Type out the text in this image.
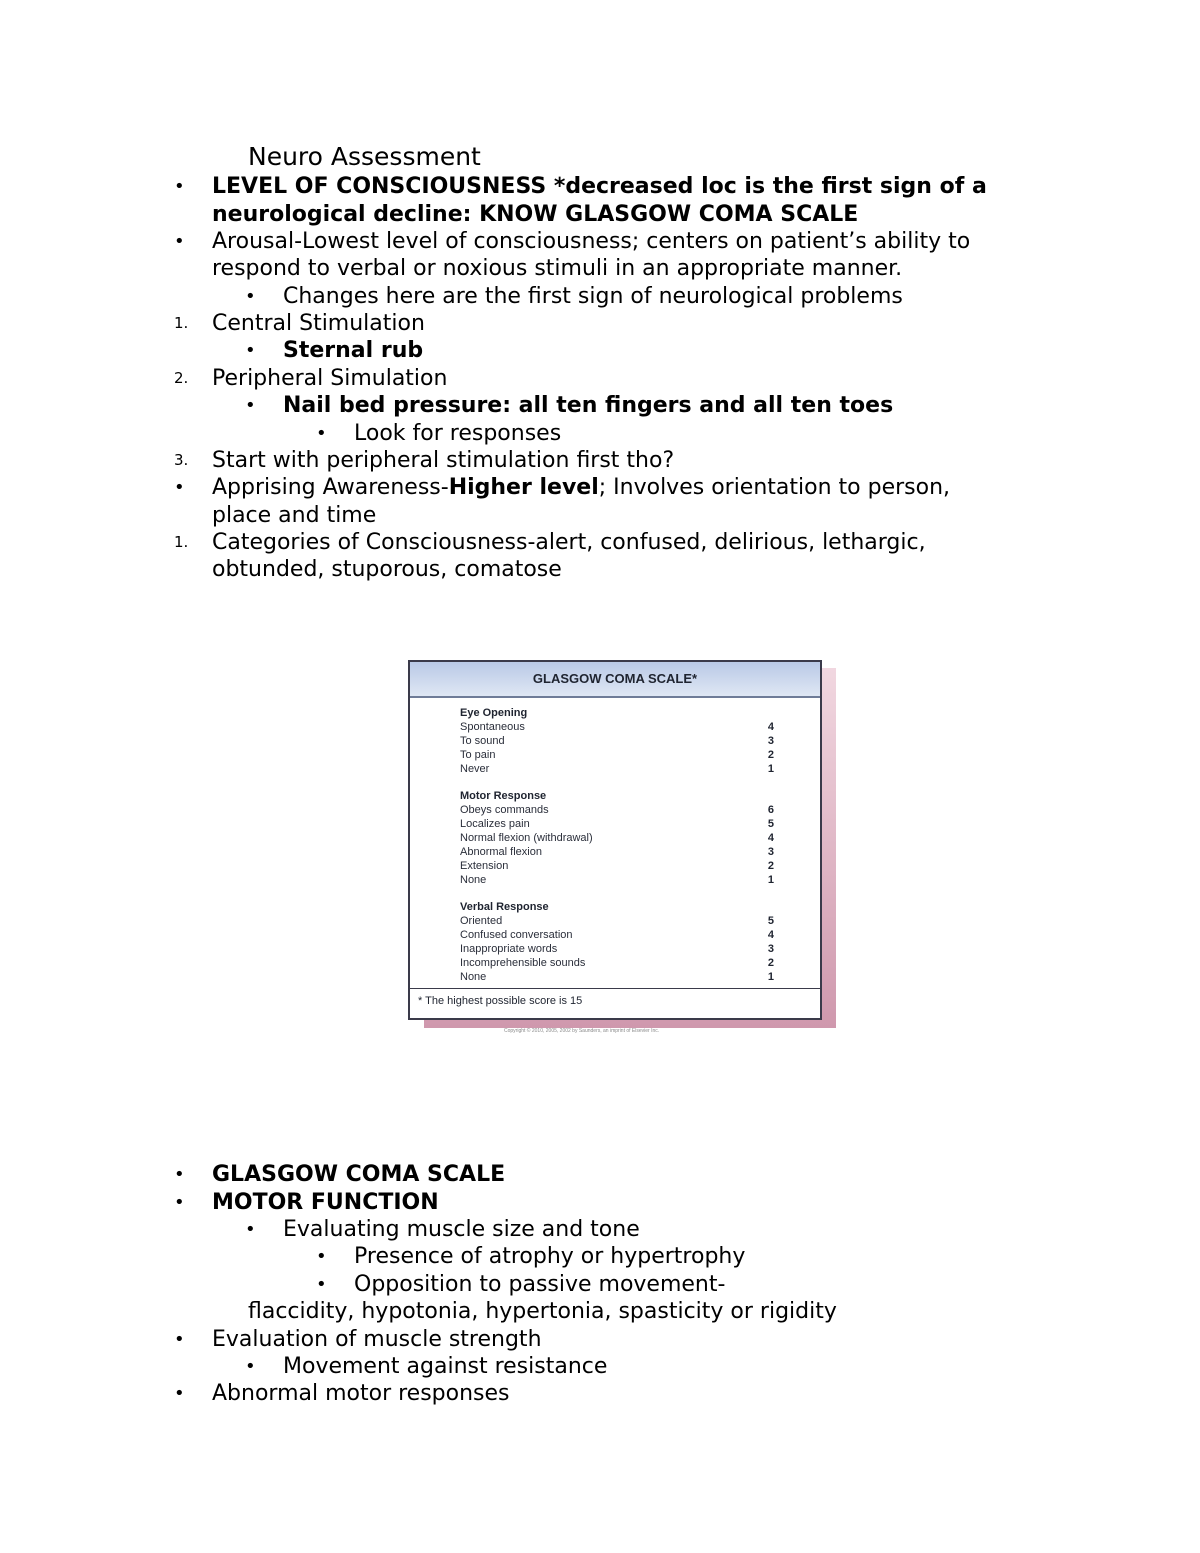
Neuro Assessment
• LEVEL OF CONSCIOUSNESS *decreased loc is the first sign of a
neurological decline: KNOW GLASGOW COMA SCALE
• Arousal-Lowest level of consciousness; centers on patient’s ability to
respond to verbal or noxious stimuli in an appropriate manner.
• Changes here are the first sign of neurological problems
1. Central Stimulation
• Sternal rub
2. Peripheral Simulation
• Nail bed pressure: all ten fingers and all ten toes
• Look for responses
3. Start with peripheral stimulation first tho?
• Apprising Awareness-Higher level; Involves orientation to person,
place and time
1. Categories of Consciousness-alert, confused, delirious, lethargic,
obtunded, stuporous, comatose
GLASGOW COMA SCALE*
Eye Opening
Spontaneous	4
To sound	3
To pain	2
Never	1
Motor Response
Obeys commands	6
Localizes pain	5
Normal flexion (withdrawal)	4
Abnormal flexion	3
Extension	2
None	1
Verbal Response
Oriented	5
Confused conversation	4
Inappropriate words	3
Incomprehensible sounds	2
None	1
* The highest possible score is 15
Copyright © 2010, 2005, 2002 by Saunders, an imprint of Elsevier Inc.
• GLASGOW COMA SCALE
• MOTOR FUNCTION
• Evaluating muscle size and tone
• Presence of atrophy or hypertrophy
• Opposition to passive movement-
flaccidity, hypotonia, hypertonia, spasticity or rigidity
• Evaluation of muscle strength
• Movement against resistance
• Abnormal motor responses
